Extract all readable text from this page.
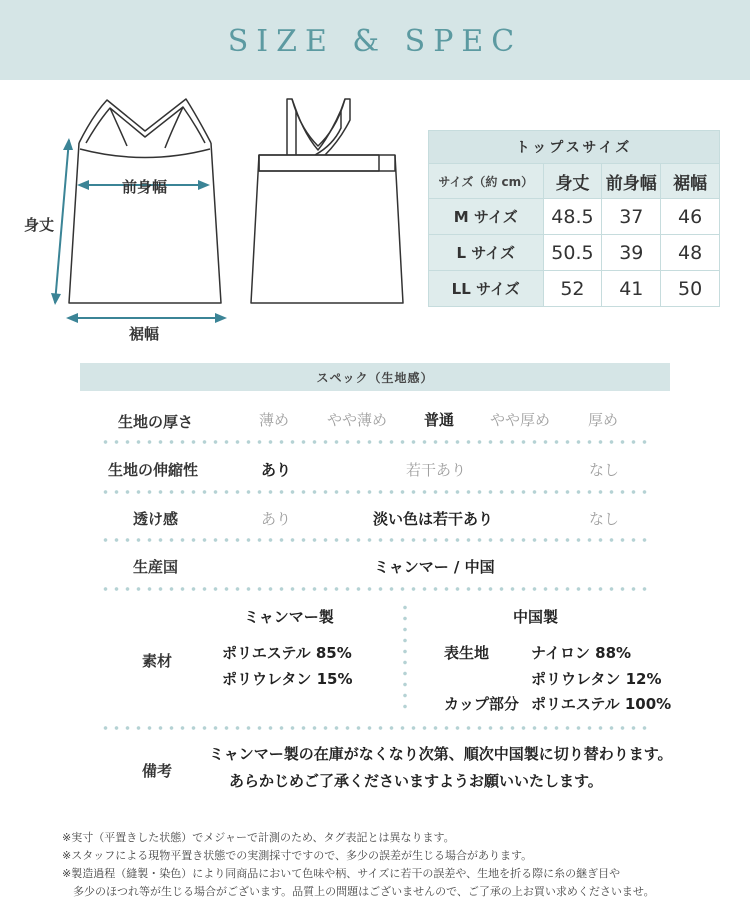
SIZE & SPEC
身丈
前身幅
裾幅
トップスサイズ			
サイズ（約 cm）	身丈	前身幅	裾幅
M サイズ	48.5	37	46
L サイズ	50.5	39	48
LL サイズ	52	41	50
スペック（生地感）
生地の厚さ	薄め	やや薄め 普通 やや厚め	厚め
生地の伸縮性	あり	若干あり	なし
透け感	あり	淡い色は若干あり	なし
生産国	ミャンマー / 中国
素材
ミャンマー製
ポリエステル 85%
ポリウレタン 15%
中国製
表生地	ナイロン 88%
ポリウレタン 12%
カップ部分 ポリエステル 100%
備考
ミャンマー製の在庫がなくなり次第、順次中国製に切り替わります。
あらかじめご了承くださいますようお願いいたします。
※実寸（平置きした状態）でメジャーで計測のため、タグ表記とは異なります。
※スタッフによる現物平置き状態での実測採寸ですので、多少の誤差が生じる場合があります。
※製造過程（縫製・染色）により同商品において色味や柄、サイズに若干の誤差や、生地を折る際に糸の継ぎ目や
　多少のほつれ等が生じる場合がございます。品質上の問題はございませんので、ご了承の上お買い求めくださいませ。
